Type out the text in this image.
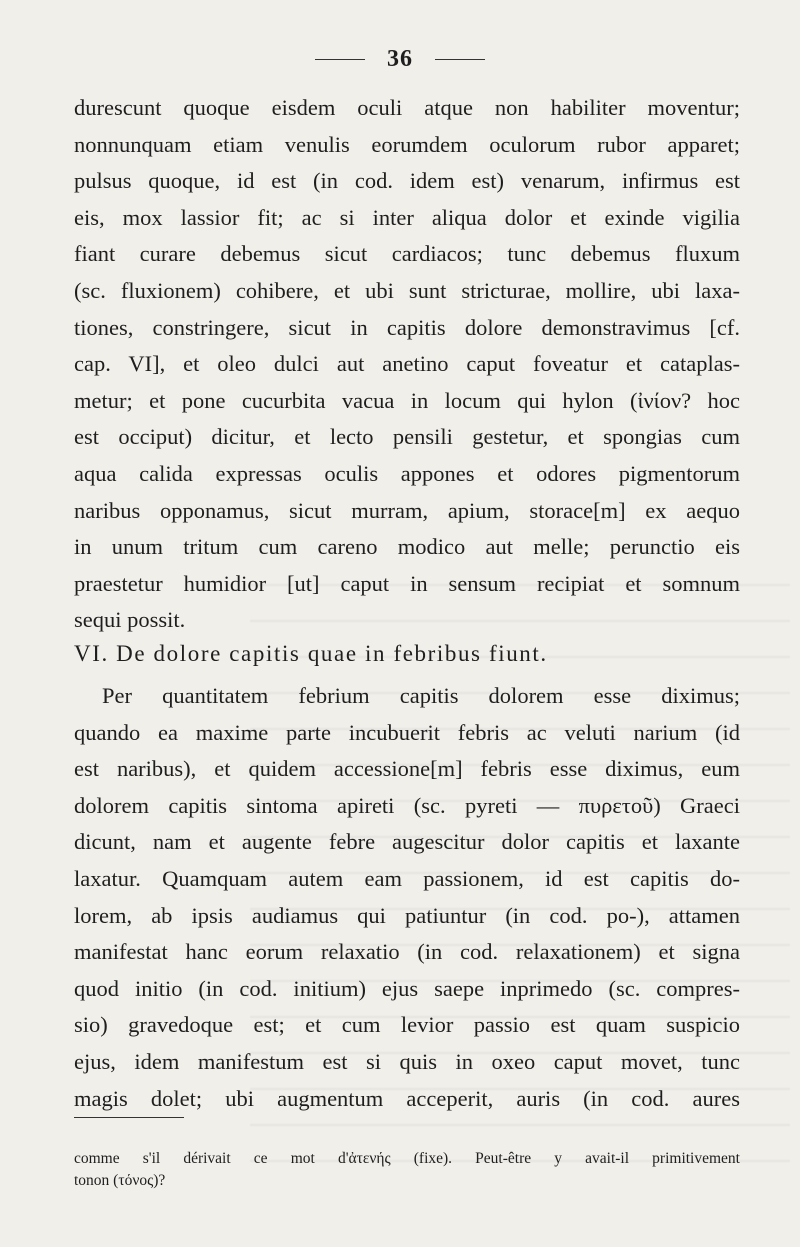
36
durescunt quoque eisdem oculi atque non habiliter moventur;
nonnunquam etiam venulis eorumdem oculorum rubor apparet;
pulsus quoque, id est (in cod. idem est) venarum, infirmus est
eis, mox lassior fit; ac si inter aliqua dolor et exinde vigilia
fiant curare debemus sicut cardiacos; tunc debemus fluxum
(sc. fluxionem) cohibere, et ubi sunt stricturae, mollire, ubi laxa-
tiones, constringere, sicut in capitis dolore demonstravimus [cf.
cap. VI], et oleo dulci aut anetino caput foveatur et cataplas-
metur; et pone cucurbita vacua in locum qui hylon (ἰνίον? hoc
est occiput) dicitur, et lecto pensili gestetur, et spongias cum
aqua calida expressas oculis appones et odores pigmentorum
naribus opponamus, sicut murram, apium, storace[m] ex aequo
in unum tritum cum careno modico aut melle; perunctio eis
praestetur humidior [ut] caput in sensum recipiat et somnum
sequi possit.
VI. De dolore capitis quae in febribus fiunt.
Per quantitatem febrium capitis dolorem esse diximus;
quando ea maxime parte incubuerit febris ac veluti narium (id
est naribus), et quidem accessione[m] febris esse diximus, eum
dolorem capitis sintoma apireti (sc. pyreti — πυρετοῦ) Graeci
dicunt, nam et augente febre augescitur dolor capitis et laxante
laxatur. Quamquam autem eam passionem, id est capitis do-
lorem, ab ipsis audiamus qui patiuntur (in cod. po-), attamen
manifestat hanc eorum relaxatio (in cod. relaxationem) et signa
quod initio (in cod. initium) ejus saepe inprimedo (sc. compres-
sio) gravedoque est; et cum levior passio est quam suspicio
ejus, idem manifestum est si quis in oxeo caput movet, tunc
magis dolet; ubi augmentum acceperit, auris (in cod. aures
comme s'il dérivait ce mot d'ἀτενής (fixe). Peut-être y avait-il primitivement
tonon (τόνος)?
